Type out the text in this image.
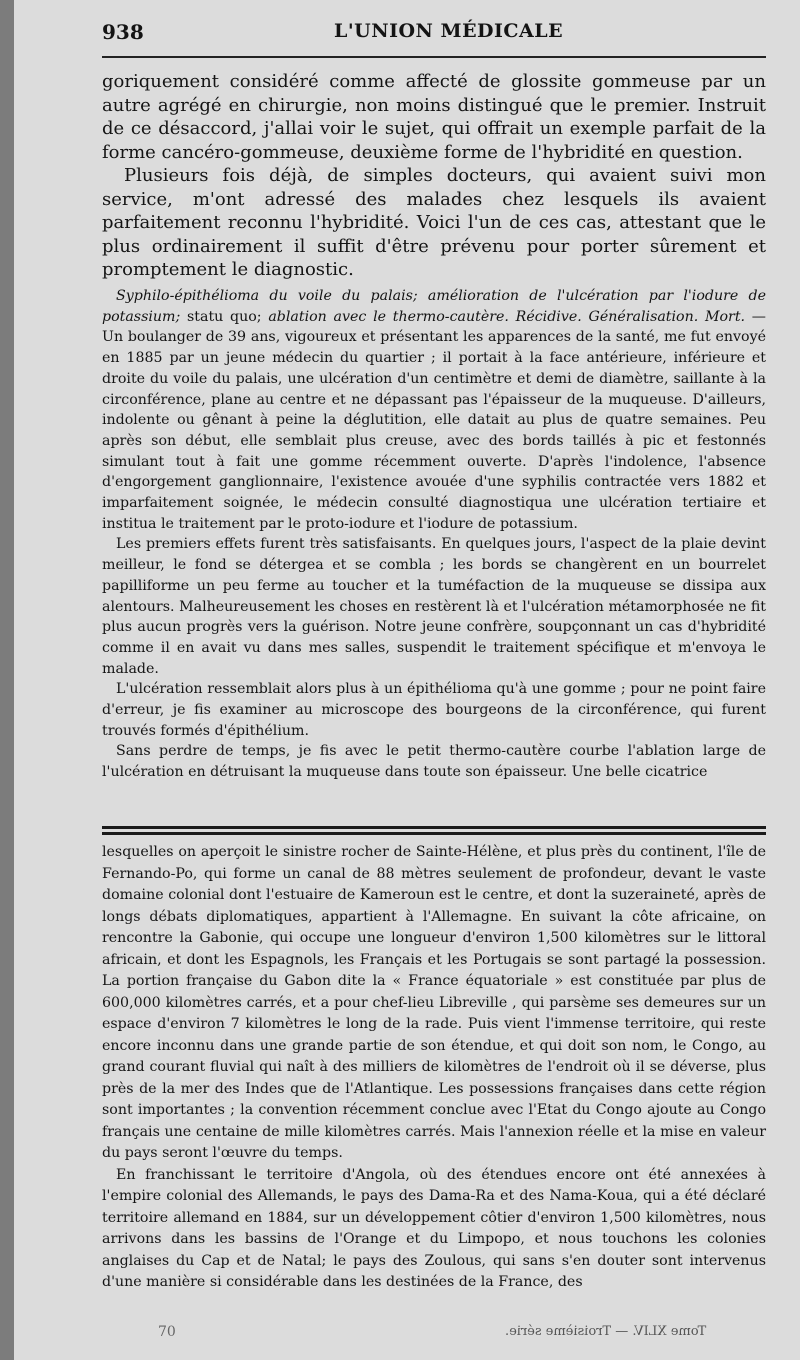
938	L'UNION MÉDICALE

goriquement considéré comme affecté de glossite gommeuse par un autre agrégé en chirurgie, non moins distingué que le premier. Instruit de ce désaccord, j'allai voir le sujet, qui offrait un exemple parfait de la forme cancéro-gommeuse, deuxième forme de l'hybridité en question.

Plusieurs fois déjà, de simples docteurs, qui avaient suivi mon service, m'ont adressé des malades chez lesquels ils avaient parfaitement reconnu l'hybridité. Voici l'un de ces cas, attestant que le plus ordinairement il suffit d'être prévenu pour porter sûrement et promptement le diagnostic.

Syphilo-épithélioma du voile du palais; amélioration de l'ulcération par l'iodure de potassium; statu quo; ablation avec le thermo-cautère. Récidive. Généralisation. Mort. — Un boulanger de 39 ans, vigoureux et présentant les apparences de la santé, me fut envoyé en 1885 par un jeune médecin du quartier ; il portait à la face antérieure, inférieure et droite du voile du palais, une ulcération d'un centimètre et demi de diamètre, saillante à la circonférence, plane au centre et ne dépassant pas l'épaisseur de la muqueuse. D'ailleurs, indolente ou gênant à peine la déglutition, elle datait au plus de quatre semaines. Peu après son début, elle semblait plus creuse, avec des bords taillés à pic et festonnés simulant tout à fait une gomme récemment ouverte. D'après l'indolence, l'absence d'engorgement ganglionnaire, l'existence avouée d'une syphilis contractée vers 1882 et imparfaitement soignée, le médecin consulté diagnostiqua une ulcération tertiaire et institua le traitement par le proto-iodure et l'iodure de potassium.

Les premiers effets furent très satisfaisants. En quelques jours, l'aspect de la plaie devint meilleur, le fond se détergea et se combla ; les bords se changèrent en un bourrelet papilliforme un peu ferme au toucher et la tuméfaction de la muqueuse se dissipa aux alentours. Malheureusement les choses en restèrent là et l'ulcération métamorphosée ne fit plus aucun progrès vers la guérison. Notre jeune confrère, soupçonnant un cas d'hybridité comme il en avait vu dans mes salles, suspendit le traitement spécifique et m'envoya le malade.

L'ulcération ressemblait alors plus à un épithélioma qu'à une gomme ; pour ne point faire d'erreur, je fis examiner au microscope des bourgeons de la circonférence, qui furent trouvés formés d'épithélium.

Sans perdre de temps, je fis avec le petit thermo-cautère courbe l'ablation large de l'ulcération en détruisant la muqueuse dans toute son épaisseur. Une belle cicatrice

lesquelles on aperçoit le sinistre rocher de Sainte-Hélène, et plus près du continent, l'île de Fernando-Po, qui forme un canal de 88 mètres seulement de profondeur, devant le vaste domaine colonial dont l'estuaire de Kameroun est le centre, et dont la suzeraineté, après de longs débats diplomatiques, appartient à l'Allemagne. En suivant la côte africaine, on rencontre la Gabonie, qui occupe une longueur d'environ 1,500 kilomètres sur le littoral africain, et dont les Espagnols, les Français et les Portugais se sont partagé la possession. La portion française du Gabon dite la « France équatoriale » est constituée par plus de 600,000 kilomètres carrés, et a pour chef-lieu Libreville , qui parsème ses demeures sur un espace d'environ 7 kilomètres le long de la rade. Puis vient l'immense territoire, qui reste encore inconnu dans une grande partie de son étendue, et qui doit son nom, le Congo, au grand courant fluvial qui naît à des milliers de kilomètres de l'endroit où il se déverse, plus près de la mer des Indes que de l'Atlantique. Les possessions françaises dans cette région sont importantes ; la convention récemment conclue avec l'Etat du Congo ajoute au Congo français une centaine de mille kilomètres carrés. Mais l'annexion réelle et la mise en valeur du pays seront l'œuvre du temps.

En franchissant le territoire d'Angola, où des étendues encore ont été annexées à l'empire colonial des Allemands, le pays des Dama-Ra et des Nama-Koua, qui a été déclaré territoire allemand en 1884, sur un développement côtier d'environ 1,500 kilomètres, nous arrivons dans les bassins de l'Orange et du Limpopo, et nous touchons les colonies anglaises du Cap et de Natal; le pays des Zoulous, qui sans s'en douter sont intervenus d'une manière si considérable dans les destinées de la France, des

70	Tome XLIV. — Troisième série.
